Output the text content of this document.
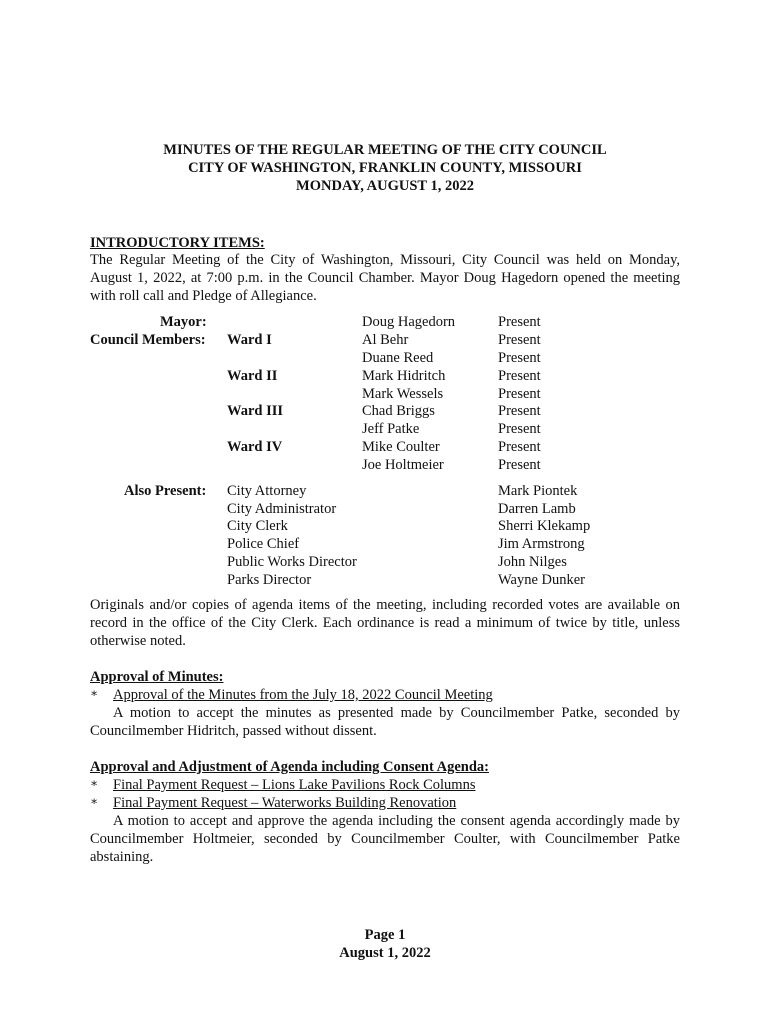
MINUTES OF THE REGULAR MEETING OF THE CITY COUNCIL
CITY OF WASHINGTON, FRANKLIN COUNTY, MISSOURI
MONDAY, AUGUST 1, 2022
INTRODUCTORY ITEMS:
The Regular Meeting of the City of Washington, Missouri, City Council was held on Monday, August 1, 2022, at 7:00 p.m. in the Council Chamber. Mayor Doug Hagedorn opened the meeting with roll call and Pledge of Allegiance.
Mayor:
Council Members: Ward I
Ward II
Ward III
Ward IV
Doug Hagedorn
Al Behr
Duane Reed
Mark Hidritch
Mark Wessels
Chad Briggs
Jeff Patke
Mike Coulter
Joe Holtmeier
Present
Present
Present
Present
Present
Present
Present
Present
Present
Also Present: City Attorney
City Administrator
City Clerk
Police Chief
Public Works Director
Parks Director
Mark Piontek
Darren Lamb
Sherri Klekamp
Jim Armstrong
John Nilges
Wayne Dunker
Originals and/or copies of agenda items of the meeting, including recorded votes are available on record in the office of the City Clerk. Each ordinance is read a minimum of twice by title, unless otherwise noted.
Approval of Minutes:
∗ Approval of the Minutes from the July 18, 2022 Council Meeting
A motion to accept the minutes as presented made by Councilmember Patke, seconded by Councilmember Hidritch, passed without dissent.
Approval and Adjustment of Agenda including Consent Agenda:
∗ Final Payment Request – Lions Lake Pavilions Rock Columns
∗ Final Payment Request – Waterworks Building Renovation
A motion to accept and approve the agenda including the consent agenda accordingly made by Councilmember Holtmeier, seconded by Councilmember Coulter, with Councilmember Patke abstaining.
Page 1
August 1, 2022
